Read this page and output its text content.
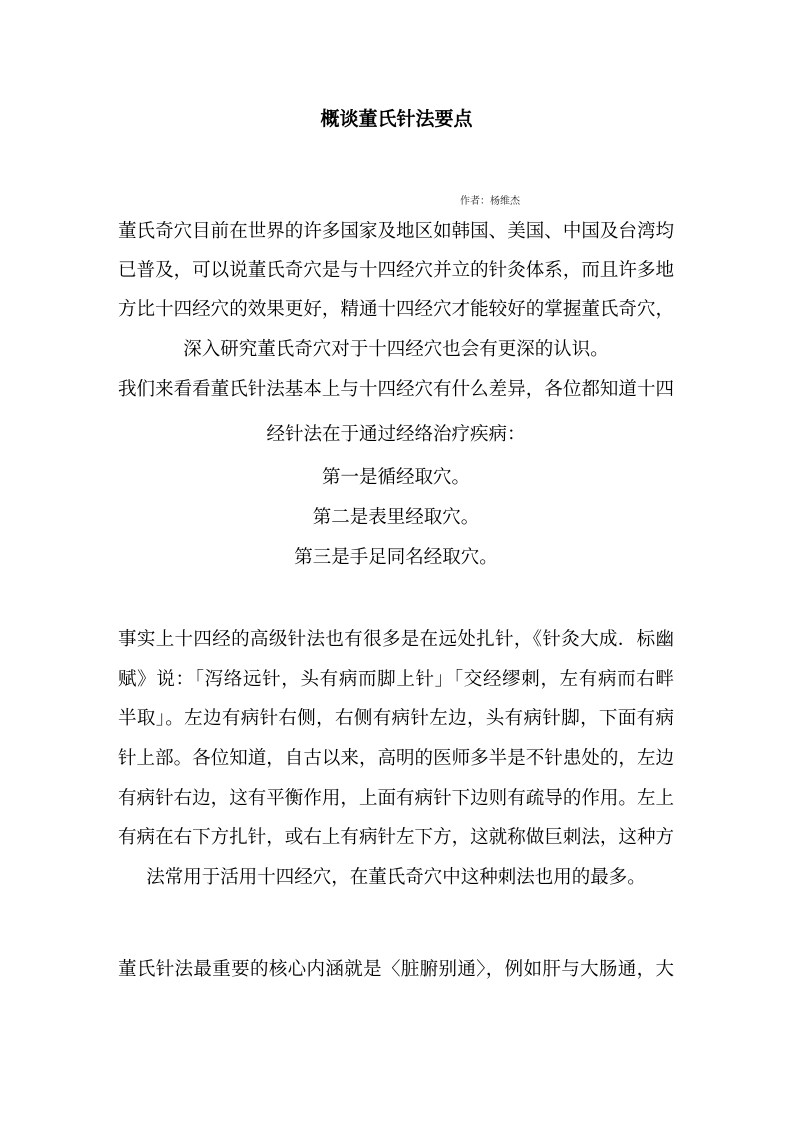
概谈董氏针法要点
作者：杨维杰
董氏奇穴目前在世界的许多国家及地区如韩国、美国、中国及台湾均
已普及，可以说董氏奇穴是与十四经穴并立的针灸体系，而且许多地
方比十四经穴的效果更好，精通十四经穴才能较好的掌握董氏奇穴，
深入研究董氏奇穴对于十四经穴也会有更深的认识。
我们来看看董氏针法基本上与十四经穴有什么差异，各位都知道十四
经针法在于通过经络治疗疾病：
第一是循经取穴。
第二是表里经取穴。
第三是手足同名经取穴。
事实上十四经的高级针法也有很多是在远处扎针，《针灸大成．标幽
赋》说：「泻络远针，头有病而脚上针」「交经缪刺，左有病而右畔
半取」。左边有病针右侧，右侧有病针左边，头有病针脚，下面有病
针上部。各位知道，自古以来，高明的医师多半是不针患处的，左边
有病针右边，这有平衡作用，上面有病针下边则有疏导的作用。左上
有病在右下方扎针，或右上有病针左下方，这就称做巨刺法，这种方
法常用于活用十四经穴，在董氏奇穴中这种刺法也用的最多。
董氏针法最重要的核心内涵就是〈脏腑别通〉，例如肝与大肠通，大
